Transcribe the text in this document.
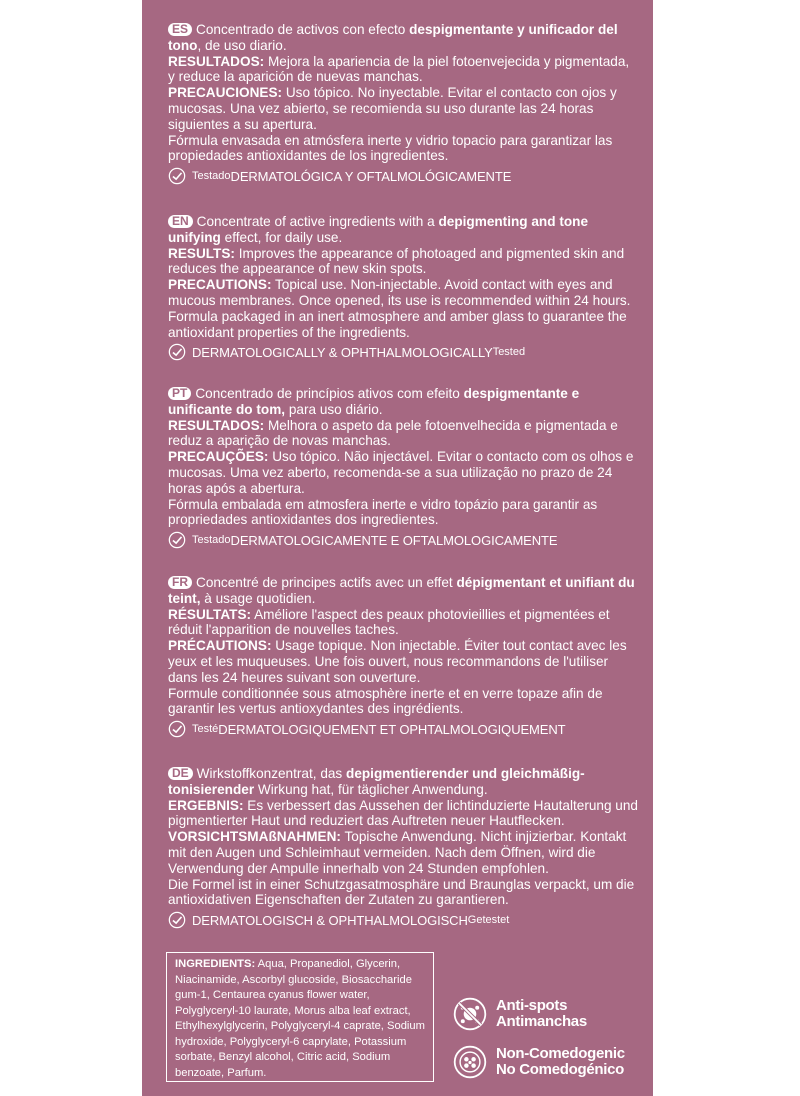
ES Concentrado de activos con efecto despigmentante y unificador del tono, de uso diario.

RESULTADOS: Mejora la apariencia de la piel fotoenvejecida y pigmentada, y reduce la aparición de nuevas manchas.

PRECAUCIONES: Uso tópico. No inyectable. Evitar el contacto con ojos y mucosas. Una vez abierto, se recomienda su uso durante las 24 horas siguientes a su apertura.

Fórmula envasada en atmósfera inerte y vidrio topacio para garantizar las propiedades antioxidantes de los ingredientes.

Testado DERMATOLÓGICA Y OFTALMOLÓGICAMENTE

EN Concentrate of active ingredients with a depigmenting and tone unifying effect, for daily use.

RESULTS: Improves the appearance of photoaged and pigmented skin and reduces the appearance of new skin spots.

PRECAUTIONS: Topical use. Non-injectable. Avoid contact with eyes and mucous membranes. Once opened, its use is recommended within 24 hours.

Formula packaged in an inert atmosphere and amber glass to guarantee the antioxidant properties of the ingredients.

DERMATOLOGICALLY & OPHTHALMOLOGICALLY Tested

PT Concentrado de princípios ativos com efeito despigmentante e unificante do tom, para uso diário.

RESULTADOS: Melhora o aspeto da pele fotoenvelhecida e pigmentada e reduz a aparição de novas manchas.

PRECAUÇÕES: Uso tópico. Não injectável. Evitar o contacto com os olhos e mucosas. Uma vez aberto, recomenda-se a sua utilização no prazo de 24 horas após a abertura.

Fórmula embalada em atmosfera inerte e vidro topázio para garantir as propriedades antioxidantes dos ingredientes.

Testado DERMATOLOGICAMENTE E OFTALMOLOGICAMENTE

FR Concentré de principes actifs avec un effet dépigmentant et unifiant du teint, à usage quotidien.

RÉSULTATS: Améliore l'aspect des peaux photovieillies et pigmentées et réduit l'apparition de nouvelles taches.

PRÉCAUTIONS: Usage topique. Non injectable. Éviter tout contact avec les yeux et les muqueuses. Une fois ouvert, nous recommandons de l'utiliser dans les 24 heures suivant son ouverture.

Formule conditionnée sous atmosphère inerte et en verre topaze afin de garantir les vertus antioxydantes des ingrédients.

Testé DERMATOLOGIQUEMENT ET OPHTALMOLOGIQUEMENT

DE Wirkstoffkonzentrat, das depigmentierender und gleichmäßig-tonisierender Wirkung hat, für täglicher Anwendung.

ERGEBNIS: Es verbessert das Aussehen der lichtinduzierte Hautalterung und pigmentierter Haut und reduziert das Auftreten neuer Hautflecken.

VORSICHTSMAßNAHMEN: Topische Anwendung. Nicht injizierbar. Kontakt mit den Augen und Schleimhaut vermeiden. Nach dem Öffnen, wird die Verwendung der Ampulle innerhalb von 24 Stunden empfohlen.

Die Formel ist in einer Schutzgasatmosphäre und Braunglas verpackt, um die antioxidativen Eigenschaften der Zutaten zu garantieren.

DERMATOLOGISCH & OPHTHALMOLOGISCH Getestet
INGREDIENTS: Aqua, Propanediol, Glycerin, Niacinamide, Ascorbyl glucoside, Biosaccharide gum-1, Centaurea cyanus flower water, Polyglyceryl-10 laurate, Morus alba leaf extract, Ethylhexylglycerin, Polyglyceryl-4 caprate, Sodium hydroxide, Polyglyceryl-6 caprylate, Potassium sorbate, Benzyl alcohol, Citric acid, Sodium benzoate, Parfum.
Anti-spots
Antimanchas
Non-Comedogenic
No Comedogénico
